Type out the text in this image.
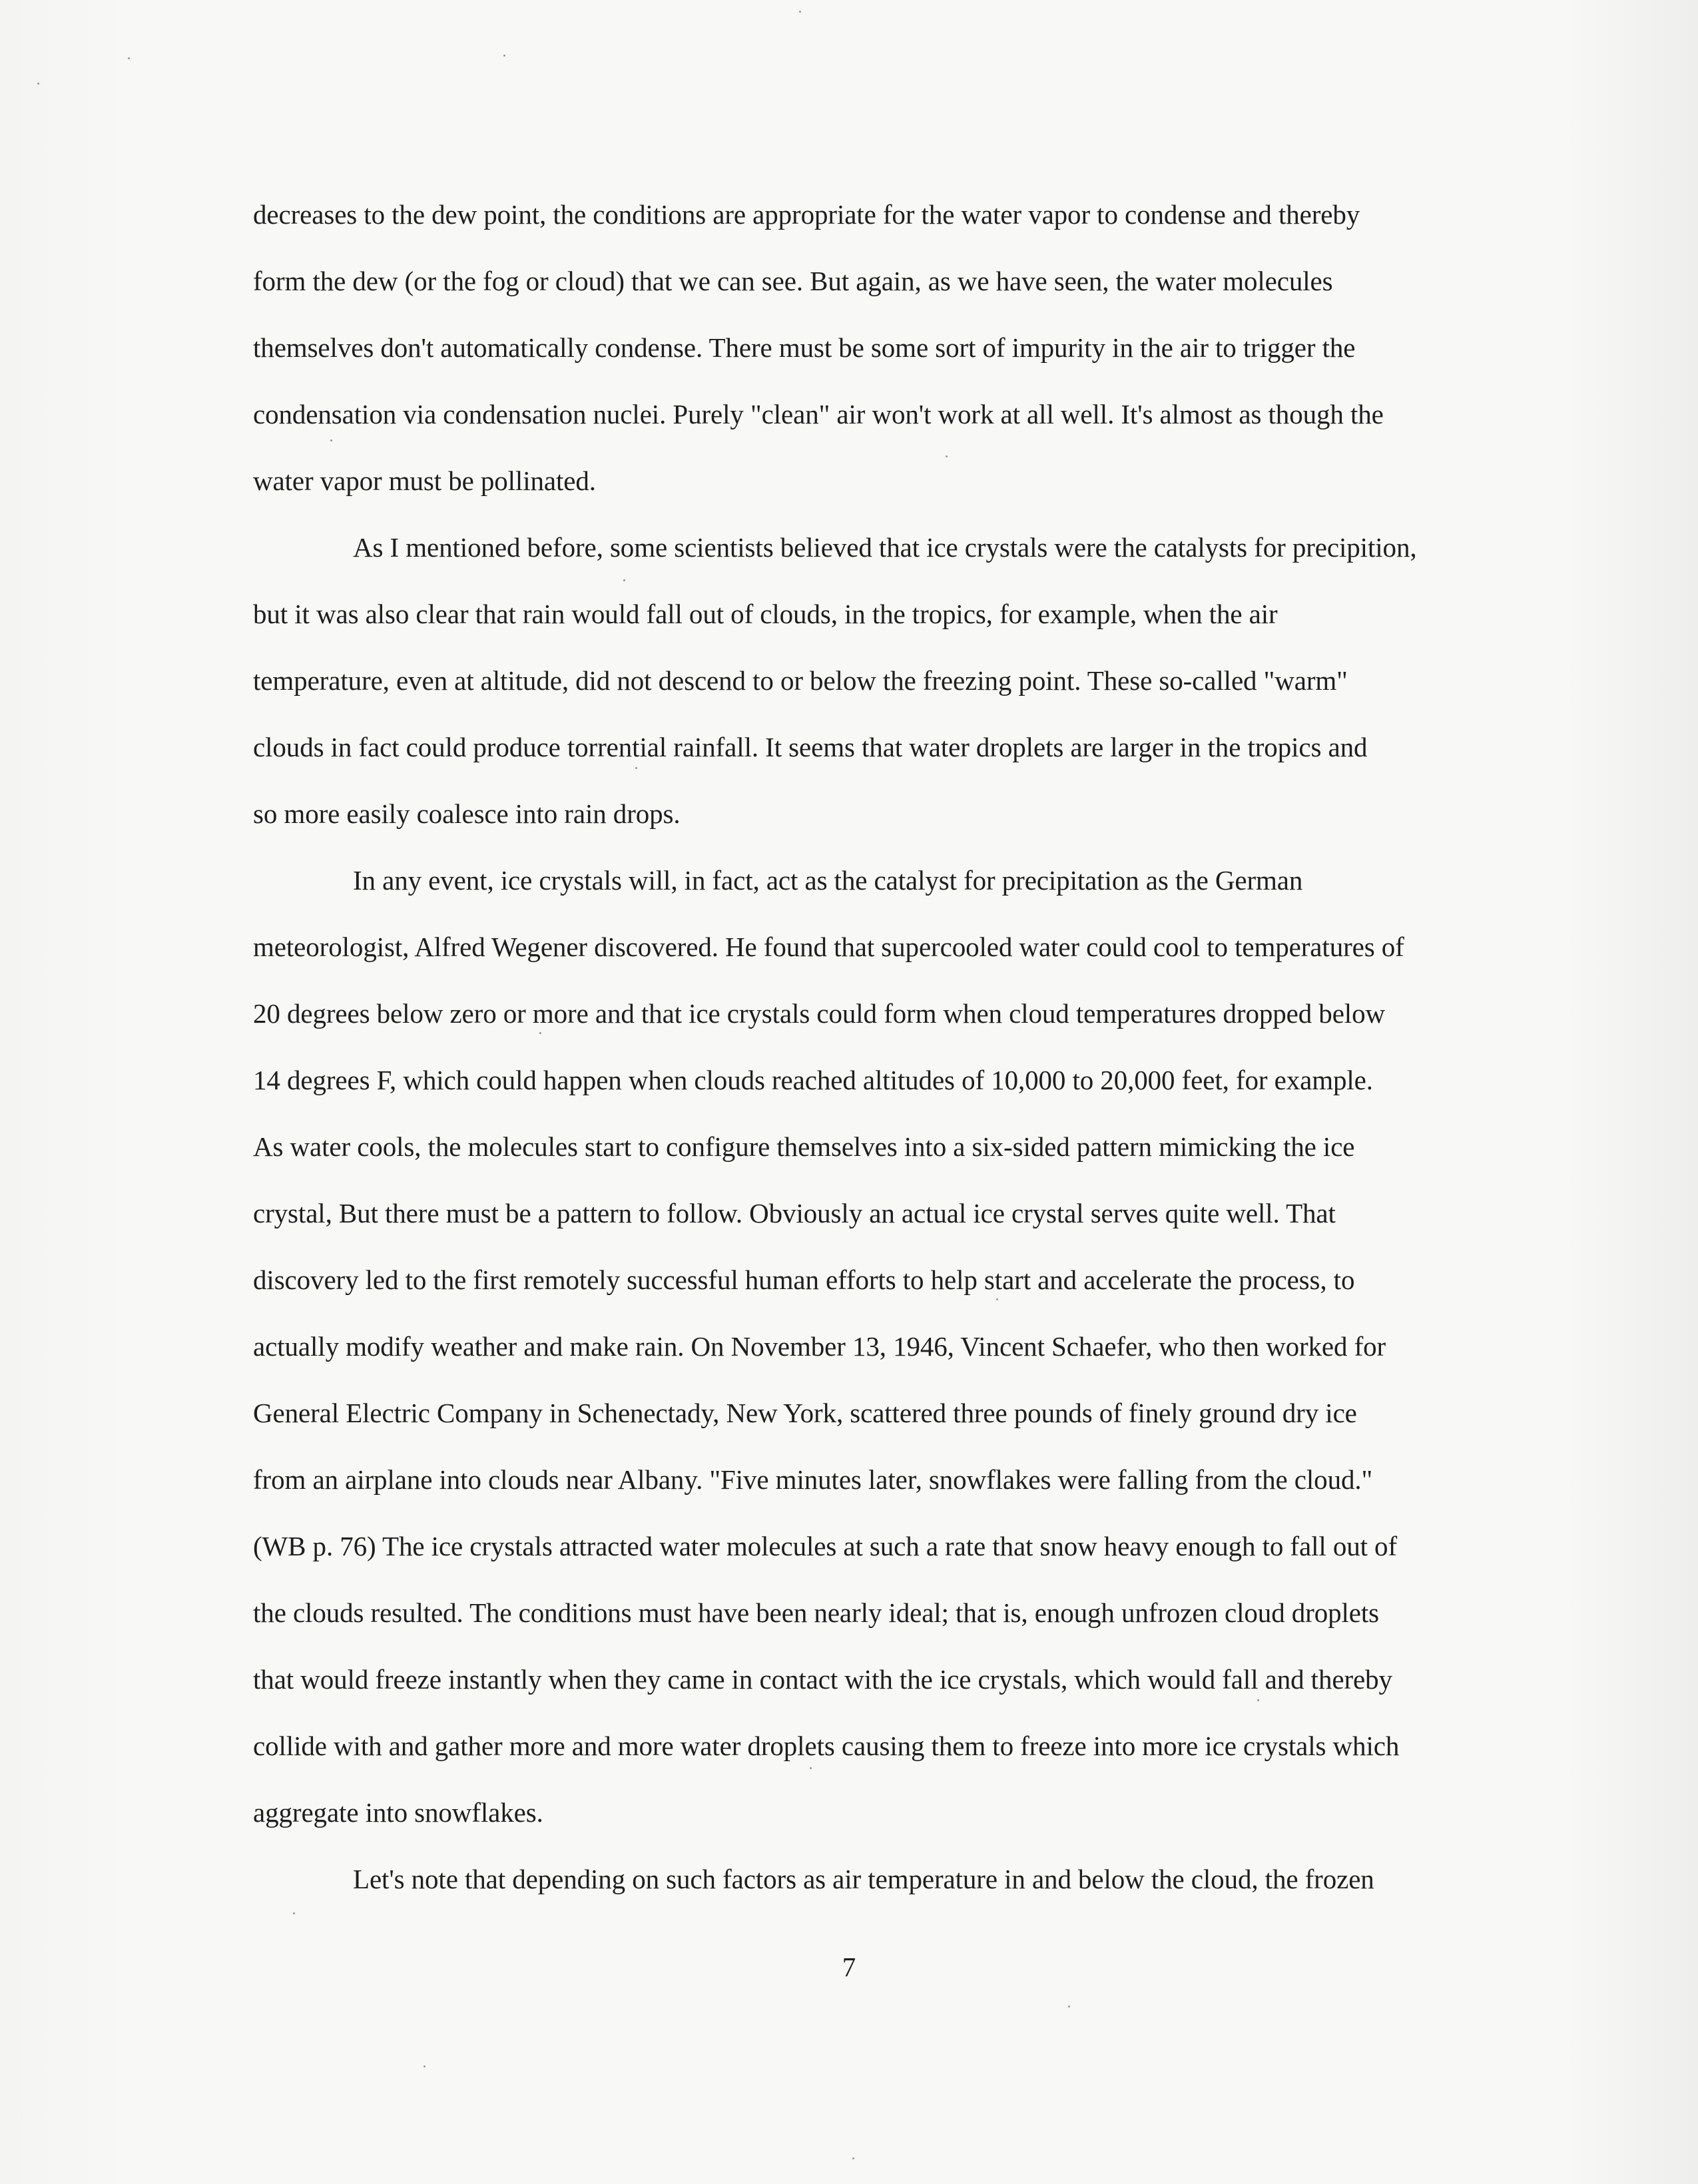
decreases to the dew point, the conditions are appropriate for the water vapor to condense and thereby
form the dew (or the fog or cloud) that we can see. But again, as we have seen, the water molecules
themselves don't automatically condense. There must be some sort of impurity in the air to trigger the
condensation via condensation nuclei. Purely "clean" air won't work at all well. It's almost as though the
water vapor must be pollinated.
As I mentioned before, some scientists believed that ice crystals were the catalysts for precipition,
but it was also clear that rain would fall out of clouds, in the tropics, for example, when the air
temperature, even at altitude, did not descend to or below the freezing point. These so-called "warm"
clouds in fact could produce torrential rainfall. It seems that water droplets are larger in the tropics and
so more easily coalesce into rain drops.
In any event, ice crystals will, in fact, act as the catalyst for precipitation as the German
meteorologist, Alfred Wegener discovered. He found that supercooled water could cool to temperatures of
20 degrees below zero or more and that ice crystals could form when cloud temperatures dropped below
14 degrees F, which could happen when clouds reached altitudes of 10,000 to 20,000 feet, for example.
As water cools, the molecules start to configure themselves into a six-sided pattern mimicking the ice
crystal, But there must be a pattern to follow. Obviously an actual ice crystal serves quite well. That
discovery led to the first remotely successful human efforts to help start and accelerate the process, to
actually modify weather and make rain. On November 13, 1946, Vincent Schaefer, who then worked for
General Electric Company in Schenectady, New York, scattered three pounds of finely ground dry ice
from an airplane into clouds near Albany. "Five minutes later, snowflakes were falling from the cloud."
(WB p. 76) The ice crystals attracted water molecules at such a rate that snow heavy enough to fall out of
the clouds resulted. The conditions must have been nearly ideal; that is, enough unfrozen cloud droplets
that would freeze instantly when they came in contact with the ice crystals, which would fall and thereby
collide with and gather more and more water droplets causing them to freeze into more ice crystals which
aggregate into snowflakes.
Let's note that depending on such factors as air temperature in and below the cloud, the frozen
7
